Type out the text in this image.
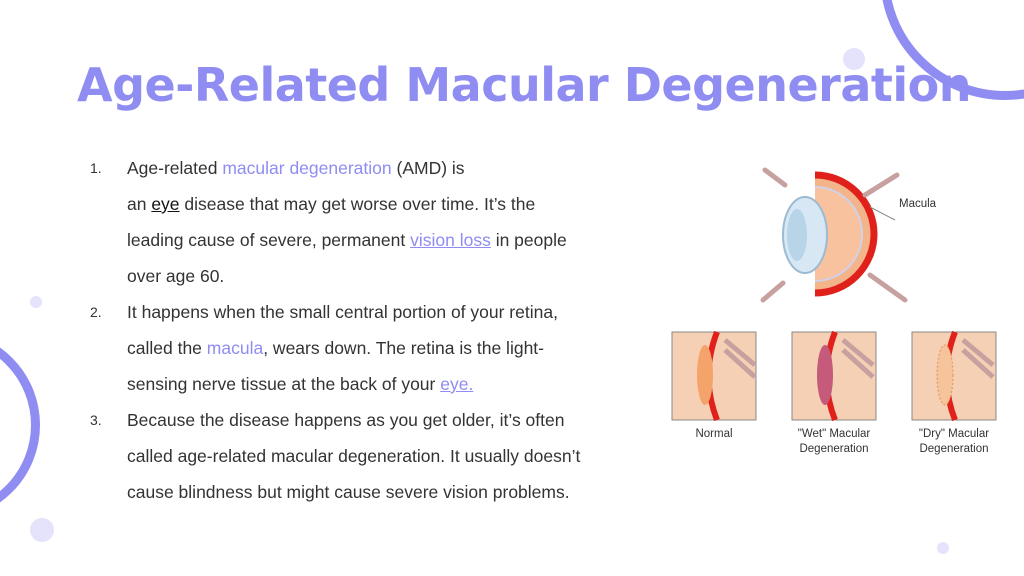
Age-Related Macular Degeneration
1. Age-related macular degeneration (AMD) is
an eye disease that may get worse over time. It’s the
leading cause of severe, permanent vision loss in people
over age 60.
2. It happens when the small central portion of your retina,
called the macula, wears down. The retina is the light-
sensing nerve tissue at the back of your eye.
3. Because the disease happens as you get older, it’s often
called age-related macular degeneration. It usually doesn’t
cause blindness but might cause severe vision problems.
Macula
Normal	"Wet" Macular
Degeneration
"Dry" Macular
Degeneration
